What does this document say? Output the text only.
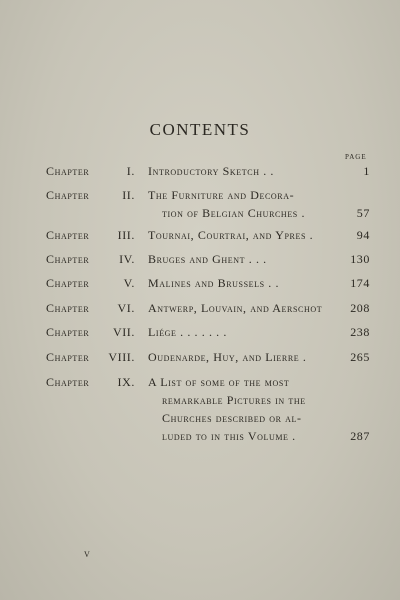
CONTENTS
PAGE
Chapter	I. Introductory Sketch . .	1
Chapter	II. The Furniture and Decora-
tion of Belgian Churches .	57
Chapter III. Tournai, Courtrai, and Ypres .	94
Chapter IV. Bruges and Ghent . . .	130
Chapter	V. Malines and Brussels . .	174
Chapter VI. Antwerp, Louvain, and Aerschot	208
Chapter VII. Liége . . . . . . .	238
Chapter VIII. Oudenarde, Huy, and Lierre .	265
Chapter IX. A List of some of the most
remarkable Pictures in the
Churches described or al-
luded to in this Volume .	287
v
